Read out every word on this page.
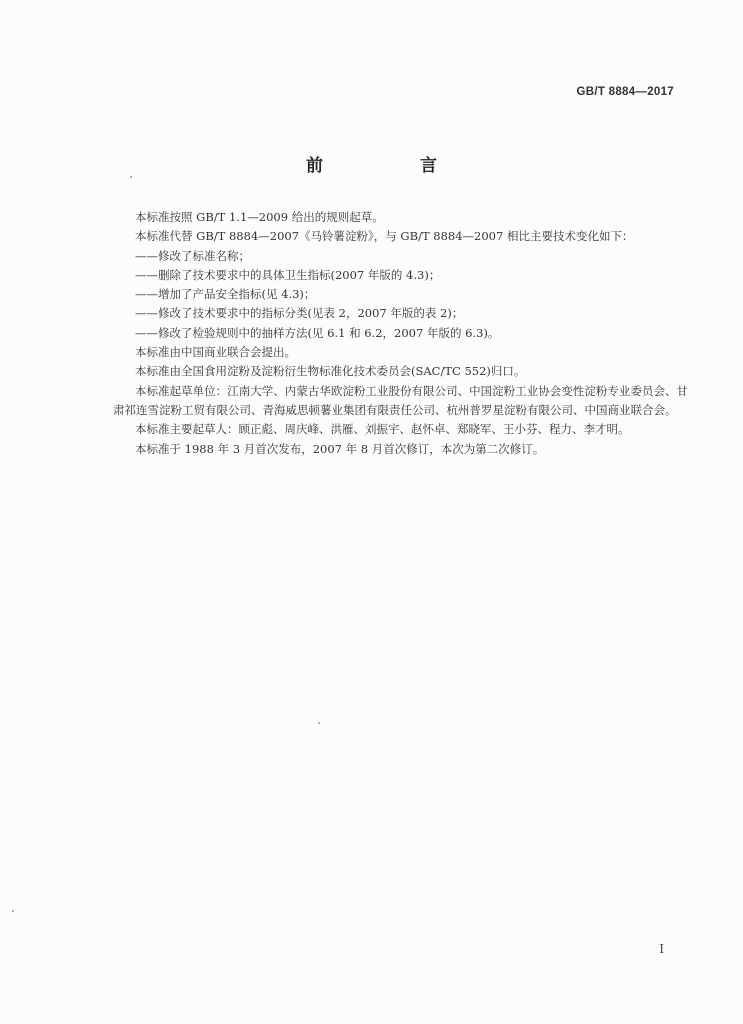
GB/T 8884—2017
前　言

本标准按照 GB/T 1.1—2009 给出的规则起草。

本标准代替 GB/T 8884—2007《马铃薯淀粉》，与 GB/T 8884—2007 相比主要技术变化如下：

——修改了标准名称；

——删除了技术要求中的具体卫生指标(2007 年版的 4.3)；

——增加了产品安全指标(见 4.3)；

——修改了技术要求中的指标分类(见表 2，2007 年版的表 2)；

——修改了检验规则中的抽样方法(见 6.1 和 6.2，2007 年版的 6.3)。

本标准由中国商业联合会提出。

本标准由全国食用淀粉及淀粉衍生物标准化技术委员会(SAC/TC 552)归口。

本标准起草单位：江南大学、内蒙古华欧淀粉工业股份有限公司、中国淀粉工业协会变性淀粉专业委员会、甘肃祁连雪淀粉工贸有限公司、青海威思顿薯业集团有限责任公司、杭州普罗星淀粉有限公司、中国商业联合会。

本标准主要起草人：顾正彪、周庆峰、洪雁、刘振宇、赵怀卓、郑晓军、王小芬、程力、李才明。

本标准于 1988 年 3 月首次发布，2007 年 8 月首次修订，本次为第二次修订。

I
